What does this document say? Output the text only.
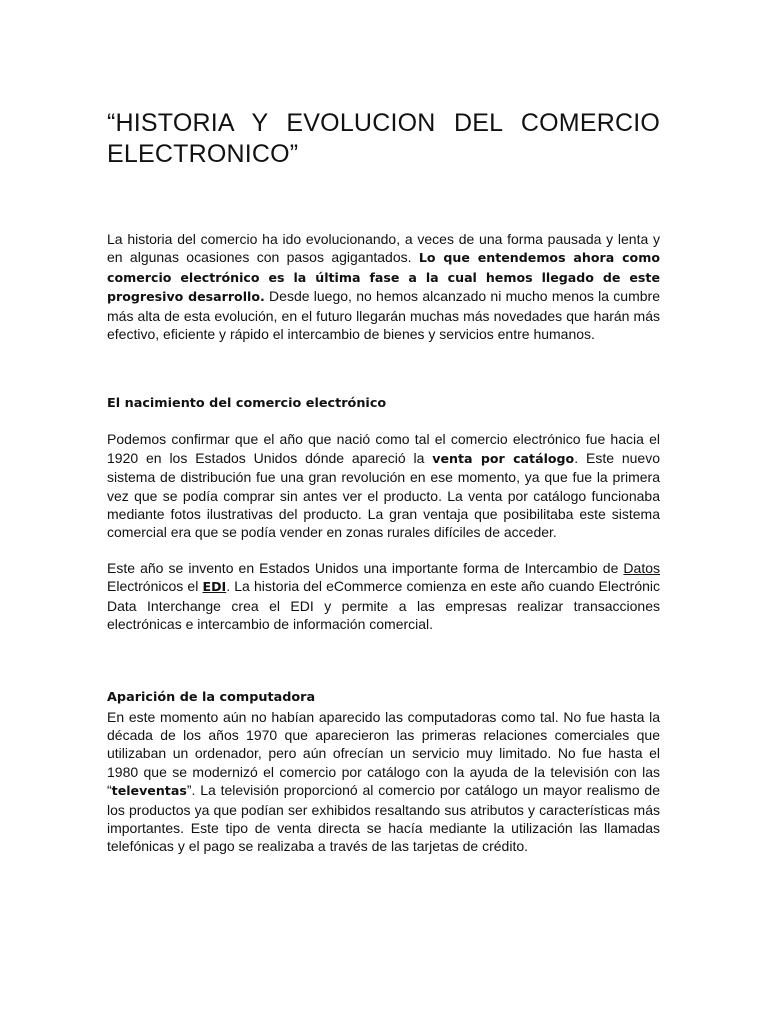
“HISTORIA Y EVOLUCION DEL COMERCIO
ELECTRONICO”

La historia del comercio ha ido evolucionando, a veces de una forma pausada y lenta y en algunas ocasiones con pasos agigantados. Lo que entendemos ahora como comercio electrónico es la última fase a la cual hemos llegado de este progresivo desarrollo. Desde luego, no hemos alcanzado ni mucho menos la cumbre más alta de esta evolución, en el futuro llegarán muchas más novedades que harán más efectivo, eficiente y rápido el intercambio de bienes y servicios entre humanos.

El nacimiento del comercio electrónico

Podemos confirmar que el año que nació como tal el comercio electrónico fue hacia el 1920 en los Estados Unidos dónde apareció la venta por catálogo. Este nuevo sistema de distribución fue una gran revolución en ese momento, ya que fue la primera vez que se podía comprar sin antes ver el producto. La venta por catálogo funcionaba mediante fotos ilustrativas del producto. La gran ventaja que posibilitaba este sistema comercial era que se podía vender en zonas rurales difíciles de acceder.

Este año se invento en Estados Unidos una importante forma de Intercambio de Datos Electrónicos el EDI. La historia del eCommerce comienza en este año cuando Electrónic Data Interchange crea el EDI y permite a las empresas realizar transacciones electrónicas e intercambio de información comercial.

Aparición de la computadora

En este momento aún no habían aparecido las computadoras como tal. No fue hasta la década de los años 1970 que aparecieron las primeras relaciones comerciales que utilizaban un ordenador, pero aún ofrecían un servicio muy limitado. No fue hasta el 1980 que se modernizó el comercio por catálogo con la ayuda de la televisión con las “televentas”. La televisión proporcionó al comercio por catálogo un mayor realismo de los productos ya que podían ser exhibidos resaltando sus atributos y características más importantes. Este tipo de venta directa se hacía mediante la utilización las llamadas telefónicas y el pago se realizaba a través de las tarjetas de crédito.
